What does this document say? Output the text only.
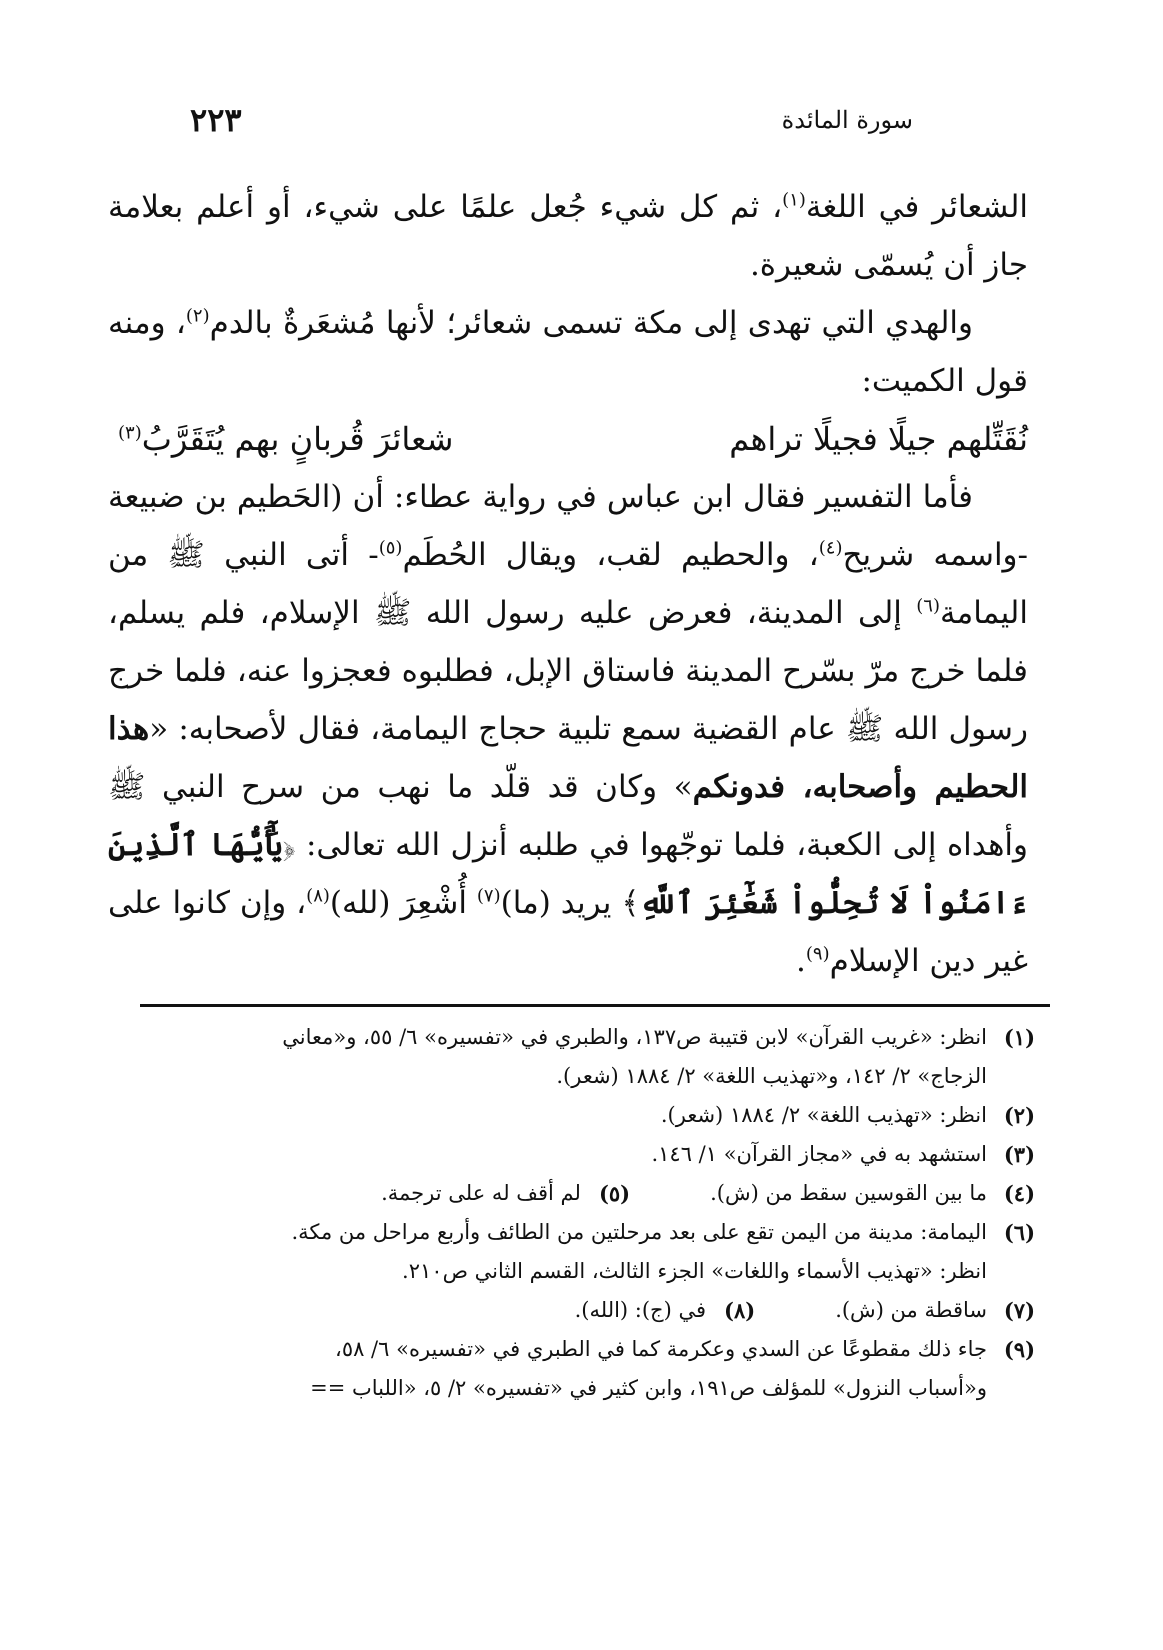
سورة المائدة
٢٢٣

الشعائر في اللغة$^{(١)}$، ثم كل شيء جُعل علمًا على شيء، أو أعلم بعلامة جاز أن يُسمّى شعيرة.

والهدي التي تهدى إلى مكة تسمى شعائر؛ لأنها مُشعَرةٌ بالدم$^{(٢)}$، ومنه قول الكميت:

نُقَتِّلهم جيلًا فجيلًا تراهم
شعائرَ قُربانٍ بهم يُتَقَرَّبُ$^{(٣)}$

فأما التفسير فقال ابن عباس في رواية عطاء: أن (الحَطيم بن ضبيعة -واسمه شريح$^{(٤)}$، والحطيم لقب، ويقال الحُطَم$^{(٥)}$- أتى النبي ﷺ من اليمامة$^{(٦)}$ إلى المدينة، فعرض عليه رسول الله ﷺ الإسلام، فلم يسلم، فلما خرج مرّ بسّرح المدينة فاستاق الإبل، فطلبوه فعجزوا عنه، فلما خرج رسول الله ﷺ عام القضية سمع تلبية حجاج اليمامة، فقال لأصحابه: «هذا الحطيم وأصحابه، فدونكم» وكان قد قلّد ما نهب من سرح النبي ﷺ وأهداه إلى الكعبة، فلما توجّهوا في طلبه أنزل الله تعالى: ﴿يَٰٓأَيُّهَا ٱلَّذِينَ ءَامَنُواْ لَا تُحِلُّواْ شَعَٰٓئِرَ ٱللَّهِ﴾ يريد (ما)$^{(٧)}$ أُشْعِرَ (لله)$^{(٨)}$، وإن كانوا على غير دين الإسلام$^{(٩)}$.

(١)
انظر: «غريب القرآن» لابن قتيبة ص١٣٧، والطبري في «تفسيره» ٦/ ٥٥، و«معاني
الزجاج» ٢/ ١٤٢، و«تهذيب اللغة» ٢/ ١٨٨٤ (شعر).
(٢)
انظر: «تهذيب اللغة» ٢/ ١٨٨٤ (شعر).
(٣)
استشهد به في «مجاز القرآن» ١/ ١٤٦.
(٤)
ما بين القوسين سقط من (ش).
(٥)
لم أقف له على ترجمة.
(٦)
اليمامة: مدينة من اليمن تقع على بعد مرحلتين من الطائف وأربع مراحل من مكة.
انظر: «تهذيب الأسماء واللغات» الجزء الثالث، القسم الثاني ص٢١٠.
(٧)
ساقطة من (ش).
(٨)
في (ج): (الله).
(٩)
جاء ذلك مقطوعًا عن السدي وعكرمة كما في الطبري في «تفسيره» ٦/ ٥٨،
و«أسباب النزول» للمؤلف ص١٩١، وابن كثير في «تفسيره» ٢/ ٥، «اللباب ==
